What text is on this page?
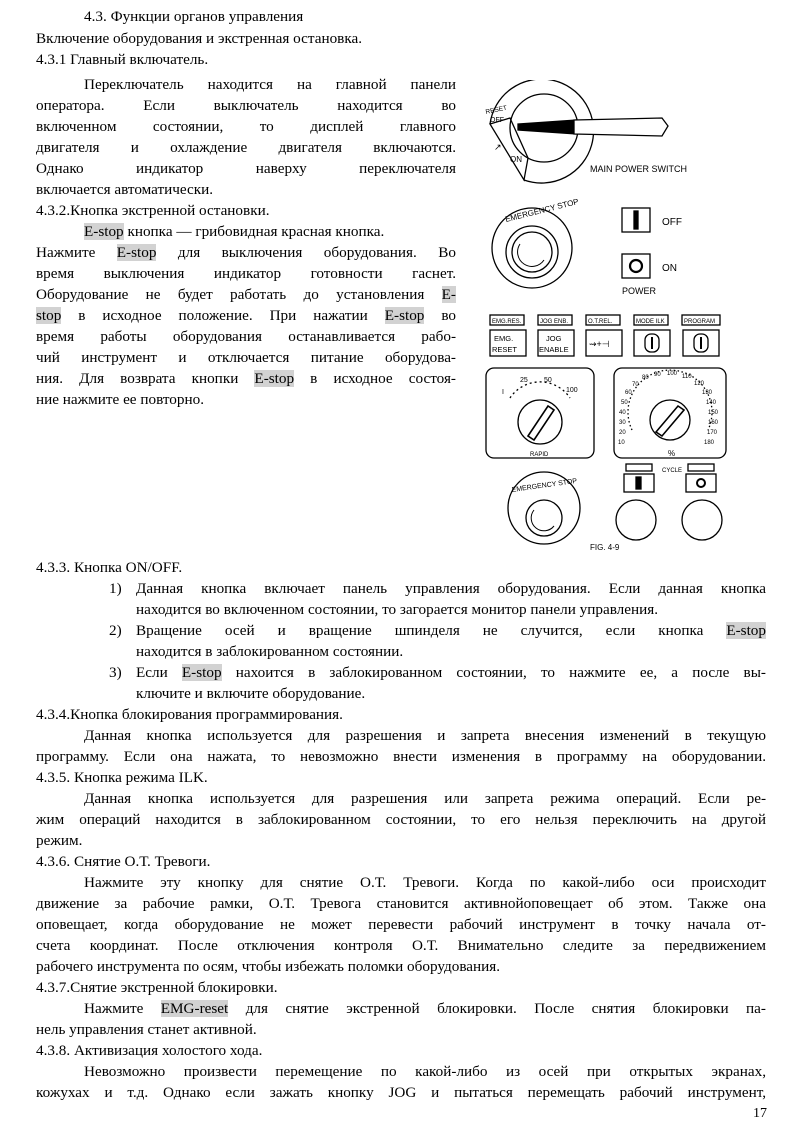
4.3. Функции органов управления
Включение оборудования и экстренная остановка.
4.3.1 Главный включатель.
Переключатель находится на главной панели
оператора. Если выключатель находится во
включенном состоянии, то дисплей главного
двигателя и охлаждение двигателя включаются.
Однако индикатор наверху переключателя
включается автоматически.
4.3.2.Кнопка экстренной остановки.
E-stop кнопка — грибовидная красная кнопка.
Нажмите E-stop для выключения оборудования. Во
время выключения индикатор готовности гаснет.
Оборудование не будет работать до установления E-
stop в исходное положение. При нажатии E-stop во
время работы оборудования останавливается рабо-
чий инструмент и отключается питание оборудова-
ния. Для возврата кнопки E-stop в исходное состоя-
ние нажмите ее повторно.
RESET
OFF
↗
ON
MAIN POWER SWITCH
EMERGENCY STOP	OFF
ON
POWER
EMG.RES.	JOG ENB.	O.T.REL.	MODE ILK	PROGRAM
EMG.
RESET
JOG
ENABLE
⇝+⊣
I
25 50
100
RAPID
10
20
30
40
50
60
70
80 90 100 110
120
130
140
150
160
170
180
%
CYCLE
EMERGENCY STOP
FIG. 4-9
4.3.3. Кнопка ON/OFF.
1) Данная кнопка включает панель управления оборудования. Если данная кнопка
находится во включенном состоянии, то загорается монитор панели управления.
2) Вращение осей и вращение шпинделя не случится, если кнопка E-stop
находится в заблокированном состоянии.
3) Если E-stop нахоится в заблокированном состоянии, то нажмите ее, а после вы-
ключите и включите оборудование.
4.3.4.Кнопка блокирования программирования.
Данная кнопка используется для разрешения и запрета внесения изменений в текущую
программу. Если она нажата, то невозможно внести изменения в программу на оборудовании.
4.3.5. Кнопка режима ILK.
Данная кнопка используется для разрешения или запрета режима операций. Если ре-
жим операций находится в заблокированном состоянии, то его нельзя переключить на другой
режим.
4.3.6. Снятие О.Т. Тревоги.
Нажмите эту кнопку для снятие О.Т. Тревоги. Когда по какой-либо оси происходит
движение за рабочие рамки, О.Т. Тревога становится активнойоповещает об этом. Также она
оповещает, когда оборудование не может перевести рабочий инструмент в точку начала от-
счета координат. После отключения контроля О.Т. Внимательно следите за передвижением
рабочего инструмента по осям, чтобы избежать поломки оборудования.
4.3.7.Снятие экстренной блокировки.
Нажмите EMG-reset для снятие экстренной блокировки. После снятия блокировки па-
нель управления станет активной.
4.3.8. Активизация холостого хода.
Невозможно произвести перемещение по какой-либо из осей при открытых экранах,
кожухах и т.д. Однако если зажать кнопку JOG и пытаться перемещать рабочий инструмент,
17
